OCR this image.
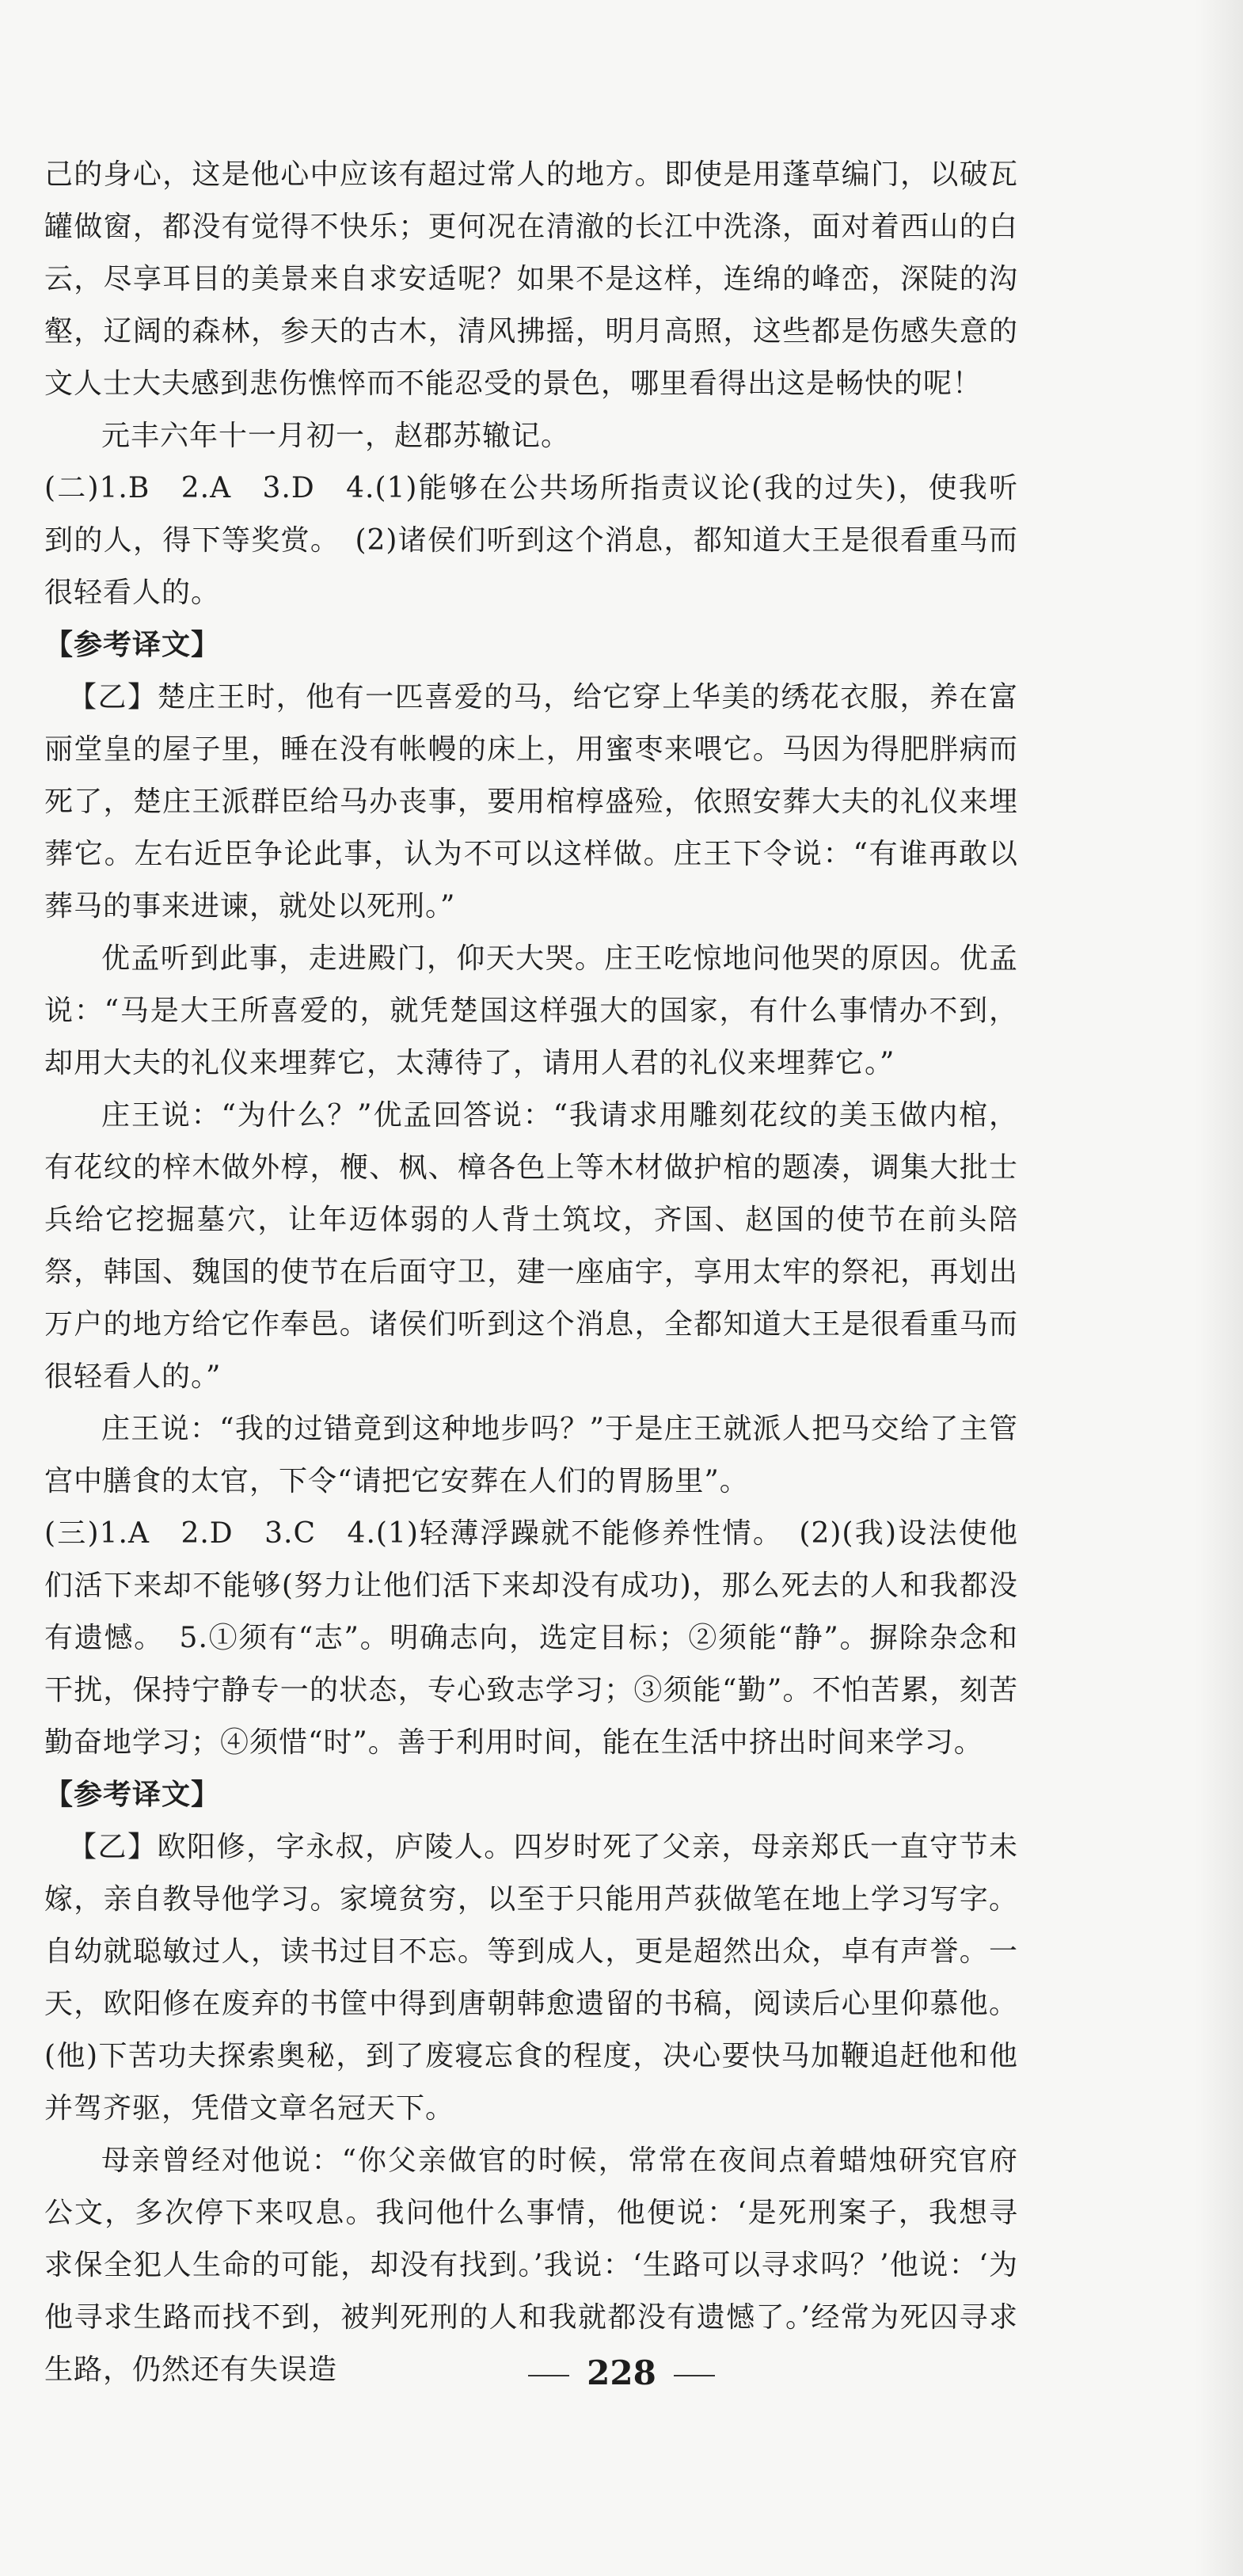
己的身心，这是他心中应该有超过常人的地方。即使是用蓬草编门，以破瓦罐做窗，都没有觉得不快乐；更何况在清澈的长江中洗涤，面对着西山的白云，尽享耳目的美景来自求安适呢？如果不是这样，连绵的峰峦，深陡的沟壑，辽阔的森林，参天的古木，清风拂摇，明月高照，这些都是伤感失意的文人士大夫感到悲伤憔悴而不能忍受的景色，哪里看得出这是畅快的呢！

元丰六年十一月初一，赵郡苏辙记。

(二)1.B　2.A　3.D　4.(1)能够在公共场所指责议论(我的过失)，使我听到的人，得下等奖赏。　(2)诸侯们听到这个消息，都知道大王是很看重马而很轻看人的。

【参考译文】

【乙】楚庄王时，他有一匹喜爱的马，给它穿上华美的绣花衣服，养在富丽堂皇的屋子里，睡在没有帐幔的床上，用蜜枣来喂它。马因为得肥胖病而死了，楚庄王派群臣给马办丧事，要用棺椁盛殓，依照安葬大夫的礼仪来埋葬它。左右近臣争论此事，认为不可以这样做。庄王下令说：“有谁再敢以葬马的事来进谏，就处以死刑。”

优孟听到此事，走进殿门，仰天大哭。庄王吃惊地问他哭的原因。优孟说：“马是大王所喜爱的，就凭楚国这样强大的国家，有什么事情办不到，却用大夫的礼仪来埋葬它，太薄待了，请用人君的礼仪来埋葬它。”

庄王说：“为什么？”优孟回答说：“我请求用雕刻花纹的美玉做内棺，有花纹的梓木做外椁，楩、枫、樟各色上等木材做护棺的题凑，调集大批士兵给它挖掘墓穴，让年迈体弱的人背土筑坟，齐国、赵国的使节在前头陪祭，韩国、魏国的使节在后面守卫，建一座庙宇，享用太牢的祭祀，再划出万户的地方给它作奉邑。诸侯们听到这个消息，全都知道大王是很看重马而很轻看人的。”

庄王说：“我的过错竟到这种地步吗？”于是庄王就派人把马交给了主管宫中膳食的太官，下令“请把它安葬在人们的胃肠里”。

(三)1.A　2.D　3.C　4.(1)轻薄浮躁就不能修养性情。　(2)(我)设法使他们活下来却不能够(努力让他们活下来却没有成功)，那么死去的人和我都没有遗憾。　5.①须有“志”。明确志向，选定目标；②须能“静”。摒除杂念和干扰，保持宁静专一的状态，专心致志学习；③须能“勤”。不怕苦累，刻苦勤奋地学习；④须惜“时”。善于利用时间，能在生活中挤出时间来学习。

【参考译文】

【乙】欧阳修，字永叔，庐陵人。四岁时死了父亲，母亲郑氏一直守节未嫁，亲自教导他学习。家境贫穷，以至于只能用芦荻做笔在地上学习写字。自幼就聪敏过人，读书过目不忘。等到成人，更是超然出众，卓有声誉。一天，欧阳修在废弃的书筐中得到唐朝韩愈遗留的书稿，阅读后心里仰慕他。(他)下苦功夫探索奥秘，到了废寝忘食的程度，决心要快马加鞭追赶他和他并驾齐驱，凭借文章名冠天下。

母亲曾经对他说：“你父亲做官的时候，常常在夜间点着蜡烛研究官府公文，多次停下来叹息。我问他什么事情，他便说：‘是死刑案子，我想寻求保全犯人生命的可能，却没有找到。’我说：‘生路可以寻求吗？’他说：‘为他寻求生路而找不到，被判死刑的人和我就都没有遗憾了。’经常为死囚寻求生路，仍然还有失误造	228
